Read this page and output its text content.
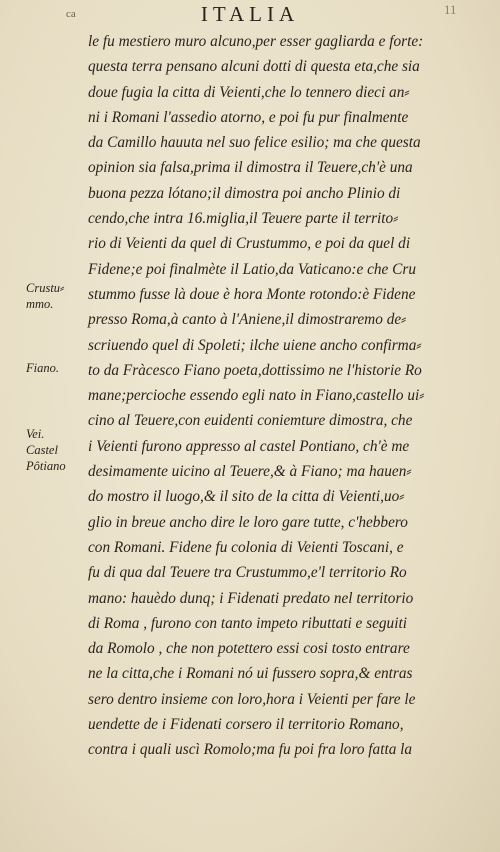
ca	ITALIA	11
le fu mestiero muro alcuno,per esser gagliarda e forte:
questa terra pensano alcuni dotti di questa eta,che sia
doue fugia la citta di Veienti,che lo tennero dieci an⸗
ni i Romani l'assedio atorno, e poi fu pur finalmente
da Camillo hauuta nel suo felice esilio; ma che questa
opinion sia falsa,prima il dimostra il Teuere,ch'è una
buona pezza lótano;il dimostra poi ancho Plinio di
cendo,che intra 16.miglia,il Teuere parte il territo⸗
rio di Veienti da quel di Crustummo, e poi da quel di
Fidene;e poi finalmète il Latio,da Vaticano:e che Cru
stummo fusse là doue è hora Monte rotondo:è Fidene
presso Roma,à canto à l'Aniene,il dimostraremo de⸗
scriuendo quel di Spoleti; ilche uiene ancho confirma⸗
to da Fràcesco Fiano poeta,dottissimo ne l'historie Ro
mane;percioche essendo egli nato in Fiano,castello ui⸗
cino al Teuere,con euidenti coniетture dimostra, che
i Veienti furono appresso al castel Pontiano, ch'è me
desimamente uicino al Teuere,& à Fiano; ma hauen⸗
do mostro il luogo,& il sito de la citta di Veienti,uo⸗
glio in breue ancho dire le loro gare tutte, c'hebbero
con Romani. Fidene fu colonia di Veienti Toscani, e
fu di qua dal Teuere tra Crustummo,e'l territorio Ro
mano: hauèdo dunq; i Fidenati predato nel territorio
di Roma , furono con tanto impeto ributtati e seguiti
da Romolo , che non potettero essi cosi tosto entrare
ne la citta,che i Romani nó ui fussero sopra,& entras
sero dentro insieme con loro,hora i Veienti per fare le
uendette de i Fidenati corsero il territorio Romano,
contra i quali uscì Romolo;ma fu poi fra loro fatta la
Crustu⸗
mmo.
Fiano.
Vei.
Castel
Pôtiano
